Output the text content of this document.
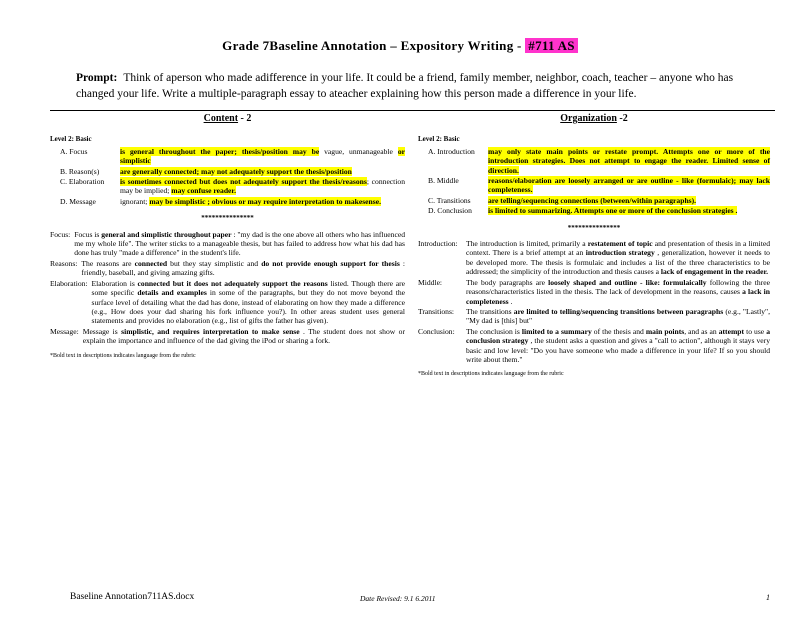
Grade 7Baseline Annotation – Expository Writing - #711 AS
Prompt: Think of aperson who made adifference in your life. It could be a friend, family member, neighbor, coach, teacher – anyone who has changed your life. Write a multiple-paragraph essay to ateacher explaining how this person made a difference in your life.
Content - 2
Level 2: Basic
A. Focus	is general throughout the paper; thesis/position may be vague, unmanageable or simplistic
B. Reason(s)	are generally connected; may not adequately support the thesis/position
C. Elaboration	is sometimes connected but does not adequately support the thesis/reasons; connection may be implied; may confuse reader.
D. Message	ignorant; may be simplistic ; obvious or may require interpretation to makesense.
***************
Focus: Focus is general and simplistic throughout paper : "my dad is the one above all others who has influenced me my whole life". The writer sticks to a manageable thesis, but has failed to address how what his dad has done has truly "made a difference" in the student's life.
Reasons: The reasons are connected but they stay simplistic and do not provide enough support for thesis : friendly, baseball, and giving amazing gifts.
Elaboration: Elaboration is connected but it does not adequately support the reasons listed. Though there are some specific details and examples in some of the paragraphs, but they do not move beyond the surface level of detailing what the dad has done, instead of elaborating on how they made a difference (e.g., How does your dad sharing his fork influence you?). In other areas student uses general statements and provides no elaboration (e.g., list of gifts the father has given).
Message: Message is simplistic, and requires interpretation to make sense . The student does not show or explain the importance and influence of the dad giving the iPod or sharing a fork.
*Bold text in descriptions indicates language from the rubric
Organization -2
Level 2: Basic
A. Introduction	may only state main points or restate prompt. Attempts one or more of the introduction strategies. Does not attempt to engage the reader. Limited sense of direction.
B. Middle	reasons/elaboration are loosely arranged or are outline - like (formulaic); may lack completeness.
C. Transitions	are telling/sequencing connections (between/within paragraphs).
D. Conclusion	is limited to summarizing. Attempts one or more of the conclusion strategies .
***************
Introduction:	The introduction is limited, primarily a restatement of topic and presentation of thesis in a limited context. There is a brief attempt at an introduction strategy , generalization, however it needs to be developed more. The thesis is formulaic and includes a list of the three characteristics to be addressed; the simplicity of the introduction and thesis causes a lack of engagement in the reader.
Middle:	The body paragraphs are loosely shaped and outline - like: formulaically following the three reasons/characteristics listed in the thesis. The lack of development in the reasons, causes a lack in completeness .
Transitions:	The transitions are limited to telling/sequencing transitions between paragraphs (e.g., "Lastly", "My dad is [this] but"
Conclusion:	The conclusion is limited to a summary of the thesis and main points, and as an attempt to use a conclusion strategy , the student asks a question and gives a "call to action", although it stays very basic and low level: "Do you have someone who made a difference in your life? If so you should write about them."
*Bold text in descriptions indicates language from the rubric
Baseline Annotation711AS.docx	Date Revised: 9.1 6.2011	1
